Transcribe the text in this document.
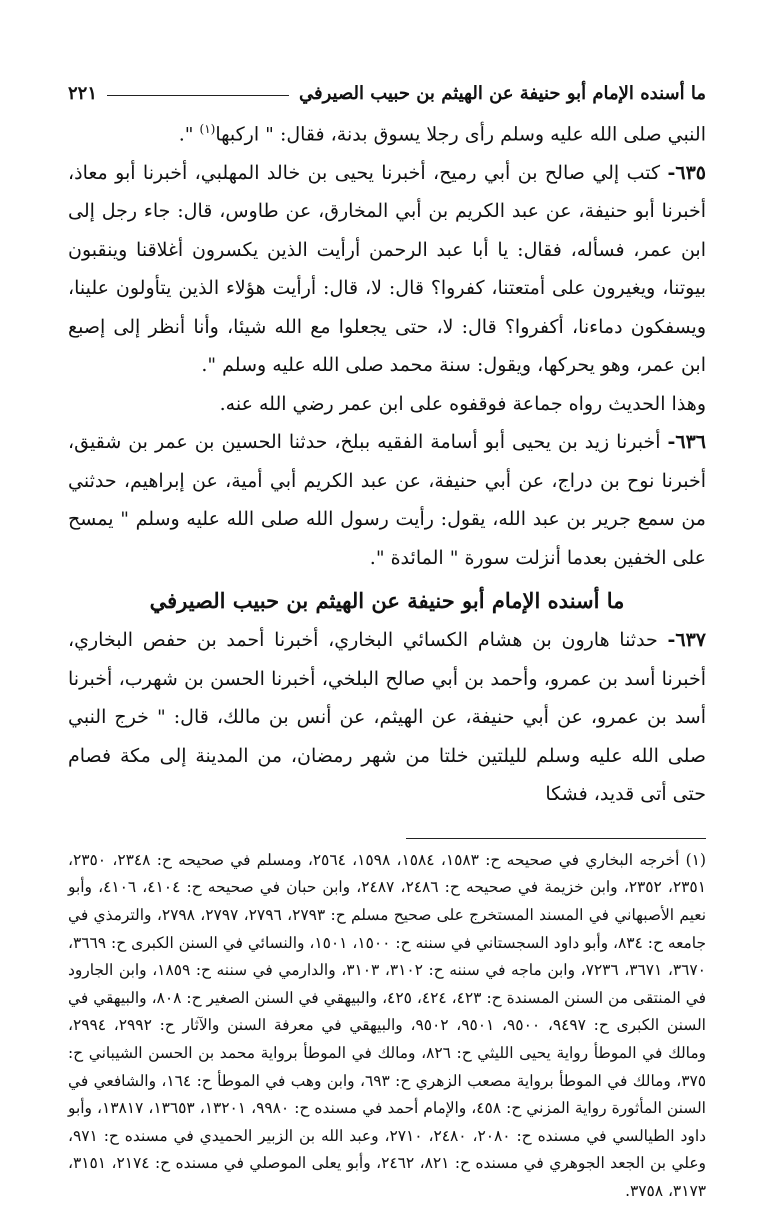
ما أسنده الإمام أبو حنيفة عن الهيثم بن حبيب الصيرفي
٢٢١

النبي صلى الله عليه وسلم رأى رجلا يسوق بدنة، فقال: " اركبها$^{(١)}$ ".

٦٣٥- كتب إلي صالح بن أبي رميح، أخبرنا يحيى بن خالد المهلبي، أخبرنا أبو معاذ، أخبرنا أبو حنيفة، عن عبد الكريم بن أبي المخارق، عن طاوس، قال: جاء رجل إلى ابن عمر، فسأله، فقال: يا أبا عبد الرحمن أرأيت الذين يكسرون أغلاقنا وينقبون بيوتنا، ويغيرون على أمتعتنا، كفروا؟ قال: لا، قال: أرأيت هؤلاء الذين يتأولون علينا، ويسفكون دماءنا، أكفروا؟ قال: لا، حتى يجعلوا مع الله شيئا، وأنا أنظر إلى إصبع ابن عمر، وهو يحركها، ويقول: سنة محمد صلى الله عليه وسلم ".

وهذا الحديث رواه جماعة فوقفوه على ابن عمر رضي الله عنه.

٦٣٦- أخبرنا زيد بن يحيى أبو أسامة الفقيه ببلخ، حدثنا الحسين بن عمر بن شقيق، أخبرنا نوح بن دراج، عن أبي حنيفة، عن عبد الكريم أبي أمية، عن إبراهيم، حدثني من سمع جرير بن عبد الله، يقول: رأيت رسول الله صلى الله عليه وسلم " يمسح على الخفين بعدما أنزلت سورة " المائدة ".

ما أسنده الإمام أبو حنيفة عن الهيثم بن حبيب الصيرفي

٦٣٧- حدثنا هارون بن هشام الكسائي البخاري، أخبرنا أحمد بن حفص البخاري، أخبرنا أسد بن عمرو، وأحمد بن أبي صالح البلخي، أخبرنا الحسن بن شهرب، أخبرنا أسد بن عمرو، عن أبي حنيفة، عن الهيثم، عن أنس بن مالك، قال: " خرج النبي صلى الله عليه وسلم لليلتين خلتا من شهر رمضان، من المدينة إلى مكة فصام حتى أتى قديد، فشكا

(١) أخرجه البخاري في صحيحه ح: ١٥٨٣، ١٥٨٤، ١٥٩٨، ٢٥٦٤، ومسلم في صحيحه ح: ٢٣٤٨، ٢٣٥٠، ٢٣٥١، ٢٣٥٢، وابن خزيمة في صحيحه ح: ٢٤٨٦، ٢٤٨٧، وابن حبان في صحيحه ح: ٤١٠٤، ٤١٠٦، وأبو نعيم الأصبهاني في المسند المستخرج على صحيح مسلم ح: ٢٧٩٣، ٢٧٩٦، ٢٧٩٧، ٢٧٩٨، والترمذي في جامعه ح: ٨٣٤، وأبو داود السجستاني في سننه ح: ١٥٠٠، ١٥٠١، والنسائي في السنن الكبرى ح: ٣٦٦٩، ٣٦٧٠، ٣٦٧١، ٧٢٣٦، وابن ماجه في سننه ح: ٣١٠٢، ٣١٠٣، والدارمي في سننه ح: ١٨٥٩، وابن الجارود في المنتقى من السنن المسندة ح: ٤٢٣، ٤٢٤، ٤٢٥، والبيهقي في السنن الصغير ح: ٨٠٨، والبيهقي في السنن الكبرى ح: ٩٤٩٧، ٩٥٠٠، ٩٥٠١، ٩٥٠٢، والبيهقي في معرفة السنن والآثار ح: ٢٩٩٢، ٢٩٩٤، ومالك في الموطأ رواية يحيى الليثي ح: ٨٢٦، ومالك في الموطأ برواية محمد بن الحسن الشيباني ح: ٣٧٥، ومالك في الموطأ برواية مصعب الزهري ح: ٦٩٣، وابن وهب في الموطأ ح: ١٦٤، والشافعي في السنن المأثورة رواية المزني ح: ٤٥٨، والإمام أحمد في مسنده ح: ٩٩٨٠، ١٣٢٠١، ١٣٦٥٣، ١٣٨١٧، وأبو داود الطيالسي في مسنده ح: ٢٠٨٠، ٢٤٨٠، ٢٧١٠، وعبد الله بن الزبير الحميدي في مسنده ح: ٩٧١، وعلي بن الجعد الجوهري في مسنده ح: ٨٢١، ٢٤٦٢، وأبو يعلى الموصلي في مسنده ح: ٢١٧٤، ٣١٥١، ٣١٧٣، ٣٧٥٨.
